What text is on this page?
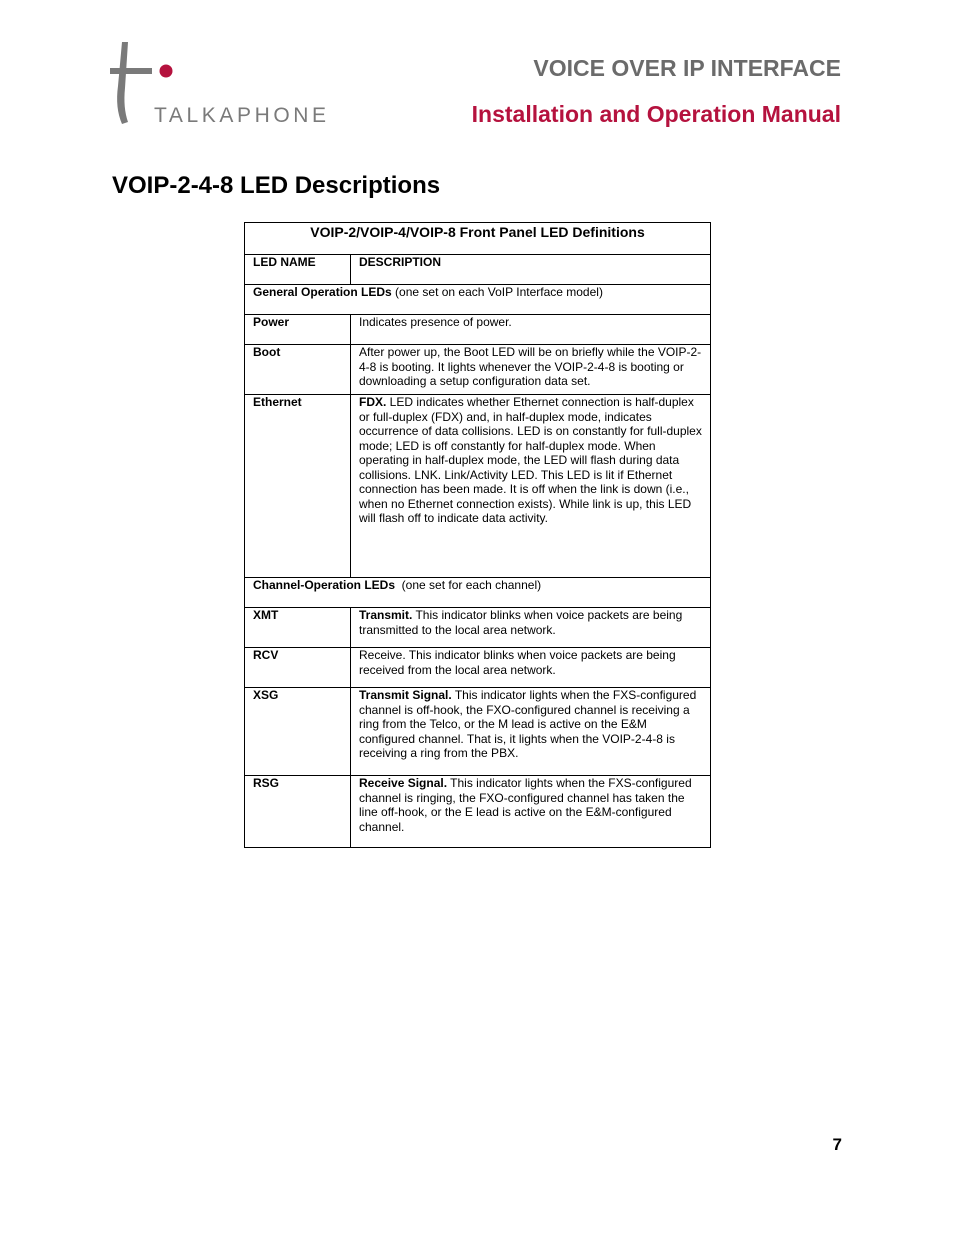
TALKAPHONE
VOICE OVER IP INTERFACE
Installation and Operation Manual
VOIP-2-4-8 LED Descriptions
VOIP-2/VOIP-4/VOIP-8 Front Panel LED Definitions	
LED NAME	DESCRIPTION
General Operation LEDs (one set on each VoIP Interface model)	
Power	Indicates presence of power.
Boot	After power up, the Boot LED will be on briefly while the VOIP-2-4-8 is booting. It lights whenever the VOIP-2-4-8 is booting or downloading a setup configuration data set.
Ethernet	FDX. LED indicates whether Ethernet connection is half-duplex or full-duplex (FDX) and, in half-duplex mode, indicates occurrence of data collisions. LED is on constantly for full-duplex mode; LED is off constantly for half-duplex mode. When operating in half-duplex mode, the LED will flash during data collisions. LNK. Link/Activity LED. This LED is lit if Ethernet connection has been made. It is off when the link is down (i.e., when no Ethernet connection exists). While link is up, this LED will flash off to indicate data activity.
Channel-Operation LEDs  (one set for each channel)	
XMT	Transmit. This indicator blinks when voice packets are being transmitted to the local area network.
RCV	Receive. This indicator blinks when voice packets are being received from the local area network.
XSG	Transmit Signal. This indicator lights when the FXS-configured channel is off-hook, the FXO-configured channel is receiving a ring from the Telco, or the M lead is active on the E&M configured channel. That is, it lights when the VOIP-2-4-8 is receiving a ring from the PBX.
RSG	Receive Signal. This indicator lights when the FXS-configured channel is ringing, the FXO-configured channel has taken the line off-hook, or the E lead is active on the E&M-configured channel.
7
